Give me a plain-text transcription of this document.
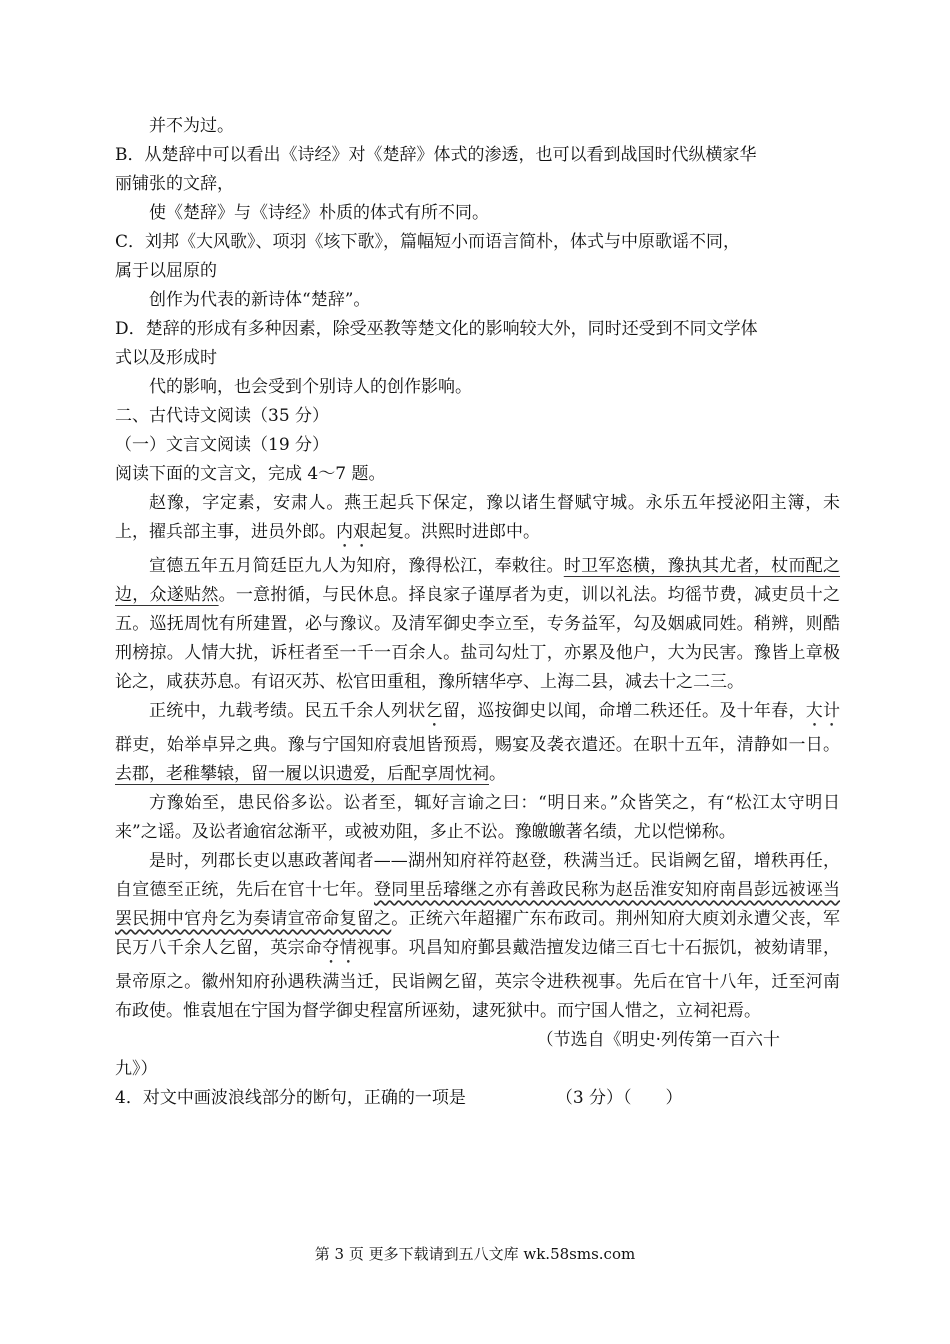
并不为过。
B．从楚辞中可以看出《诗经》对《楚辞》体式的渗透，也可以看到战国时代纵横家华
丽铺张的文辞，
使《楚辞》与《诗经》朴质的体式有所不同。
C．刘邦《大风歌》、项羽《垓下歌》，篇幅短小而语言简朴，体式与中原歌谣不同，
属于以屈原的
创作为代表的新诗体“楚辞”。
D．楚辞的形成有多种因素，除受巫教等楚文化的影响较大外，同时还受到不同文学体
式以及形成时
代的影响，也会受到个别诗人的创作影响。
二、古代诗文阅读（35 分）
（一）文言文阅读（19 分）
阅读下面的文言文，完成 4～7 题。

赵豫，字定素，安肃人。燕王起兵下保定，豫以诸生督赋守城。永乐五年授泌阳主簿，未上，擢兵部主事，进员外郎。内艰起复。洪熙时进郎中。

宣德五年五月简廷臣九人为知府，豫得松江，奉敕往。时卫军恣横，豫执其尤者，杖而配之边，众遂贴然。一意拊循，与民休息。择良家子谨厚者为吏，训以礼法。均徭节费，减吏员十之五。巡抚周忱有所建置，必与豫议。及清军御史李立至，专务益军，勾及姻戚同姓。稍辨，则酷刑榜掠。人情大扰，诉枉者至一千一百余人。盐司勾灶丁，亦累及他户，大为民害。豫皆上章极论之，咸获苏息。有诏灭苏、松官田重租，豫所辖华亭、上海二县，减去十之二三。

正统中，九载考绩。民五千余人列状乞留，巡按御史以闻，命增二秩还任。及十年春，大计群吏，始举卓异之典。豫与宁国知府袁旭皆预焉，赐宴及袭衣遣还。在职十五年，清静如一日。去郡，老稚攀辕，留一履以识遗爱，后配享周忱祠。

方豫始至，患民俗多讼。讼者至，辄好言谕之曰：“明日来。”众皆笑之，有“松江太守明日来”之谣。及讼者逾宿忿渐平，或被劝阻，多止不讼。豫皦皦著名绩，尤以恺悌称。

是时，列郡长吏以惠政著闻者——湖州知府祥符赵登，秩满当迁。民诣阙乞留，增秩再任，自宣德至正统，先后在官十七年。登同里岳璿继之亦有善政民称为赵岳淮安知府南昌彭远被诬当罢民拥中官舟乞为奏请宣帝命复留之。正统六年超擢广东布政司。荆州知府大庾刘永遭父丧，军民万八千余人乞留，英宗命夺情视事。巩昌知府鄞县戴浩擅发边储三百七十石振饥，被劾请罪，景帝原之。徽州知府孙遇秩满当迁，民诣阙乞留，英宗令进秩视事。先后在官十八年，迁至河南布政使。惟袁旭在宁国为督学御史程富所诬劾，逮死狱中。而宁国人惜之，立祠祀焉。

（节选自《明史·列传第一百六十
九》）
4．对文中画波浪线部分的断句，正确的一项是	（3 分）（　　）
第 3 页 更多下载请到五八文库 wk.58sms.com
